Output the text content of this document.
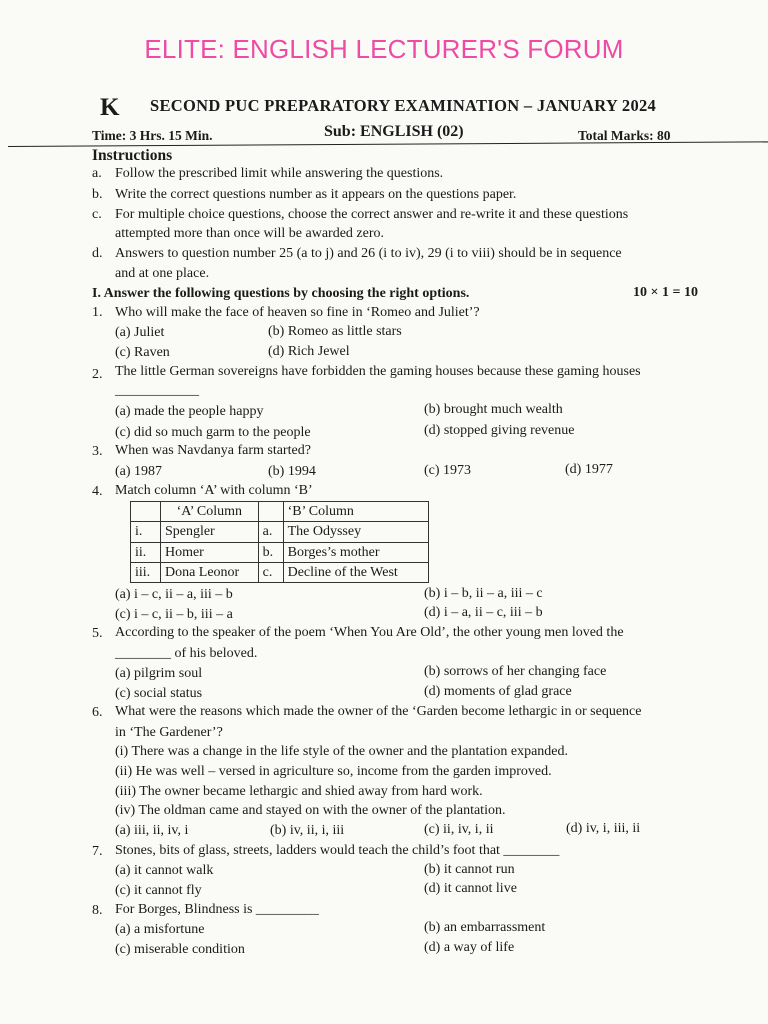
ELITE: ENGLISH LECTURER'S FORUM
K SECOND PUC PREPARATORY EXAMINATION – JANUARY 2024
Time: 3 Hrs. 15 Min.	Sub: ENGLISH (02)	Total Marks: 80
Instructions
a. Follow the prescribed limit while answering the questions.
b. Write the correct questions number as it appears on the questions paper.
c. For multiple choice questions, choose the correct answer and re-write it and these questions
attempted more than once will be awarded zero.
d. Answers to question number 25 (a to j) and 26 (i to iv), 29 (i to viii) should be in sequence
and at one place.
I. Answer the following questions by choosing the right options.	10 × 1 = 10
1. Who will make the face of heaven so fine in ‘Romeo and Juliet’?
(a) Juliet	(b) Romeo as little stars
(c) Raven	(d) Rich Jewel
2. The little German sovereigns have forbidden the gaming houses because these gaming houses
____________
(a) made the people happy	(b) brought much wealth
(c) did so much garm to the people	(d) stopped giving revenue
3. When was Navdanya farm started?
(a) 1987	(b) 1994	(c) 1973	(d) 1977
4. Match column ‘A’ with column ‘B’
	‘A’ Column		‘B’ Column
i.	Spengler	a.	The Odyssey
ii.	Homer	b.	Borges’s mother
iii.	Dona Leonor	c.	Decline of the West
(a) i – c, ii – a, iii – b	(b) i – b, ii – a, iii – c
(c) i – c, ii – b, iii – a	(d) i – a, ii – c, iii – b
5. According to the speaker of the poem ‘When You Are Old’, the other young men loved the
________ of his beloved.
(a) pilgrim soul	(b) sorrows of her changing face
(c) social status	(d) moments of glad grace
6. What were the reasons which made the owner of the ‘Garden become lethargic in or sequence
in ‘The Gardener’?
(i) There was a change in the life style of the owner and the plantation expanded.
(ii) He was well – versed in agriculture so, income from the garden improved.
(iii) The owner became lethargic and shied away from hard work.
(iv) The oldman came and stayed on with the owner of the plantation.
(a) iii, ii, iv, i	(b) iv, ii, i, iii	(c) ii, iv, i, ii	(d) iv, i, iii, ii
7. Stones, bits of glass, streets, ladders would teach the child’s foot that ________
(a) it cannot walk	(b) it cannot run
(c) it cannot fly	(d) it cannot live
8. For Borges, Blindness is _________
(a) a misfortune	(b) an embarrassment
(c) miserable condition	(d) a way of life
